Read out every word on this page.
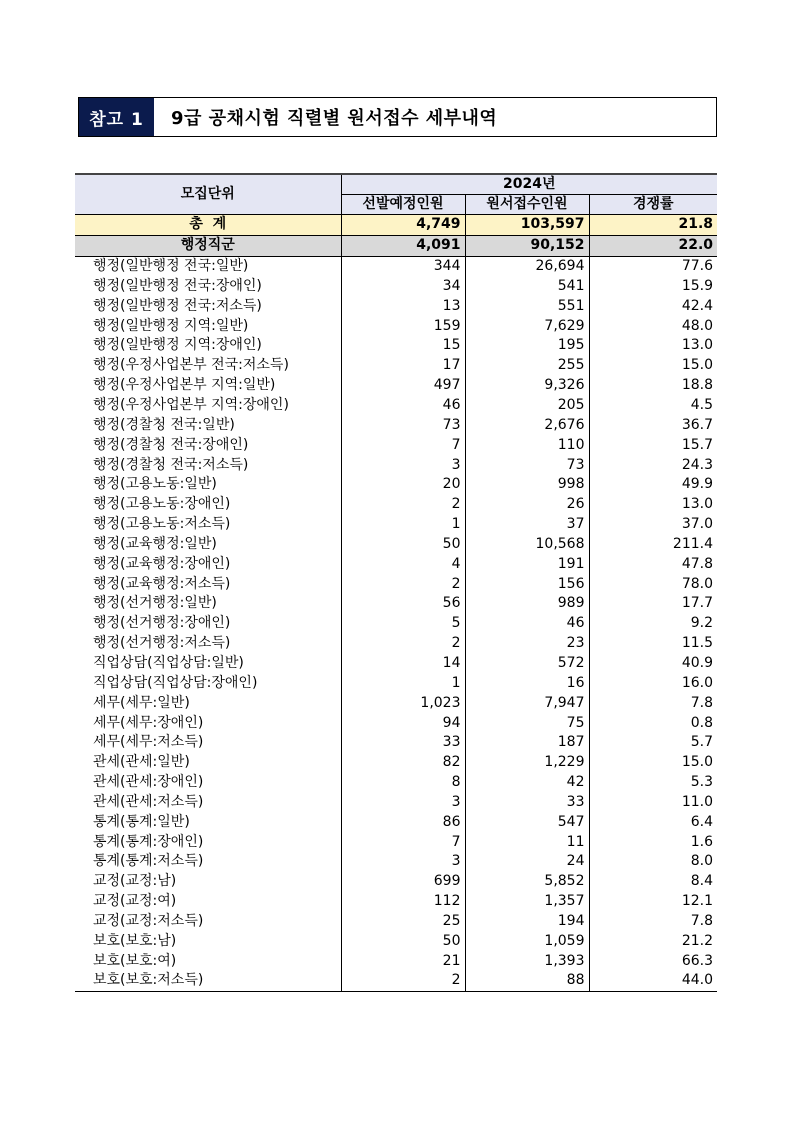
참고 1	9급 공채시험 직렬별 원서접수 세부내역
모집단위	2024년		
	선발예정인원	원서접수인원	경쟁률
총  계	4,749	103,597	21.8
행정직군	4,091	90,152	22.0
행정(일반행정 전국:일반)	344	26,694	77.6
행정(일반행정 전국:장애인)	34	541	15.9
행정(일반행정 전국:저소득)	13	551	42.4
행정(일반행정 지역:일반)	159	7,629	48.0
행정(일반행정 지역:장애인)	15	195	13.0
행정(우정사업본부 전국:저소득)	17	255	15.0
행정(우정사업본부 지역:일반)	497	9,326	18.8
행정(우정사업본부 지역:장애인)	46	205	4.5
행정(경찰청 전국:일반)	73	2,676	36.7
행정(경찰청 전국:장애인)	7	110	15.7
행정(경찰청 전국:저소득)	3	73	24.3
행정(고용노동:일반)	20	998	49.9
행정(고용노동:장애인)	2	26	13.0
행정(고용노동:저소득)	1	37	37.0
행정(교육행정:일반)	50	10,568	211.4
행정(교육행정:장애인)	4	191	47.8
행정(교육행정:저소득)	2	156	78.0
행정(선거행정:일반)	56	989	17.7
행정(선거행정:장애인)	5	46	9.2
행정(선거행정:저소득)	2	23	11.5
직업상담(직업상담:일반)	14	572	40.9
직업상담(직업상담:장애인)	1	16	16.0
세무(세무:일반)	1,023	7,947	7.8
세무(세무:장애인)	94	75	0.8
세무(세무:저소득)	33	187	5.7
관세(관세:일반)	82	1,229	15.0
관세(관세:장애인)	8	42	5.3
관세(관세:저소득)	3	33	11.0
통계(통계:일반)	86	547	6.4
통계(통계:장애인)	7	11	1.6
통계(통계:저소득)	3	24	8.0
교정(교정:남)	699	5,852	8.4
교정(교정:여)	112	1,357	12.1
교정(교정:저소득)	25	194	7.8
보호(보호:남)	50	1,059	21.2
보호(보호:여)	21	1,393	66.3
보호(보호:저소득)	2	88	44.0
